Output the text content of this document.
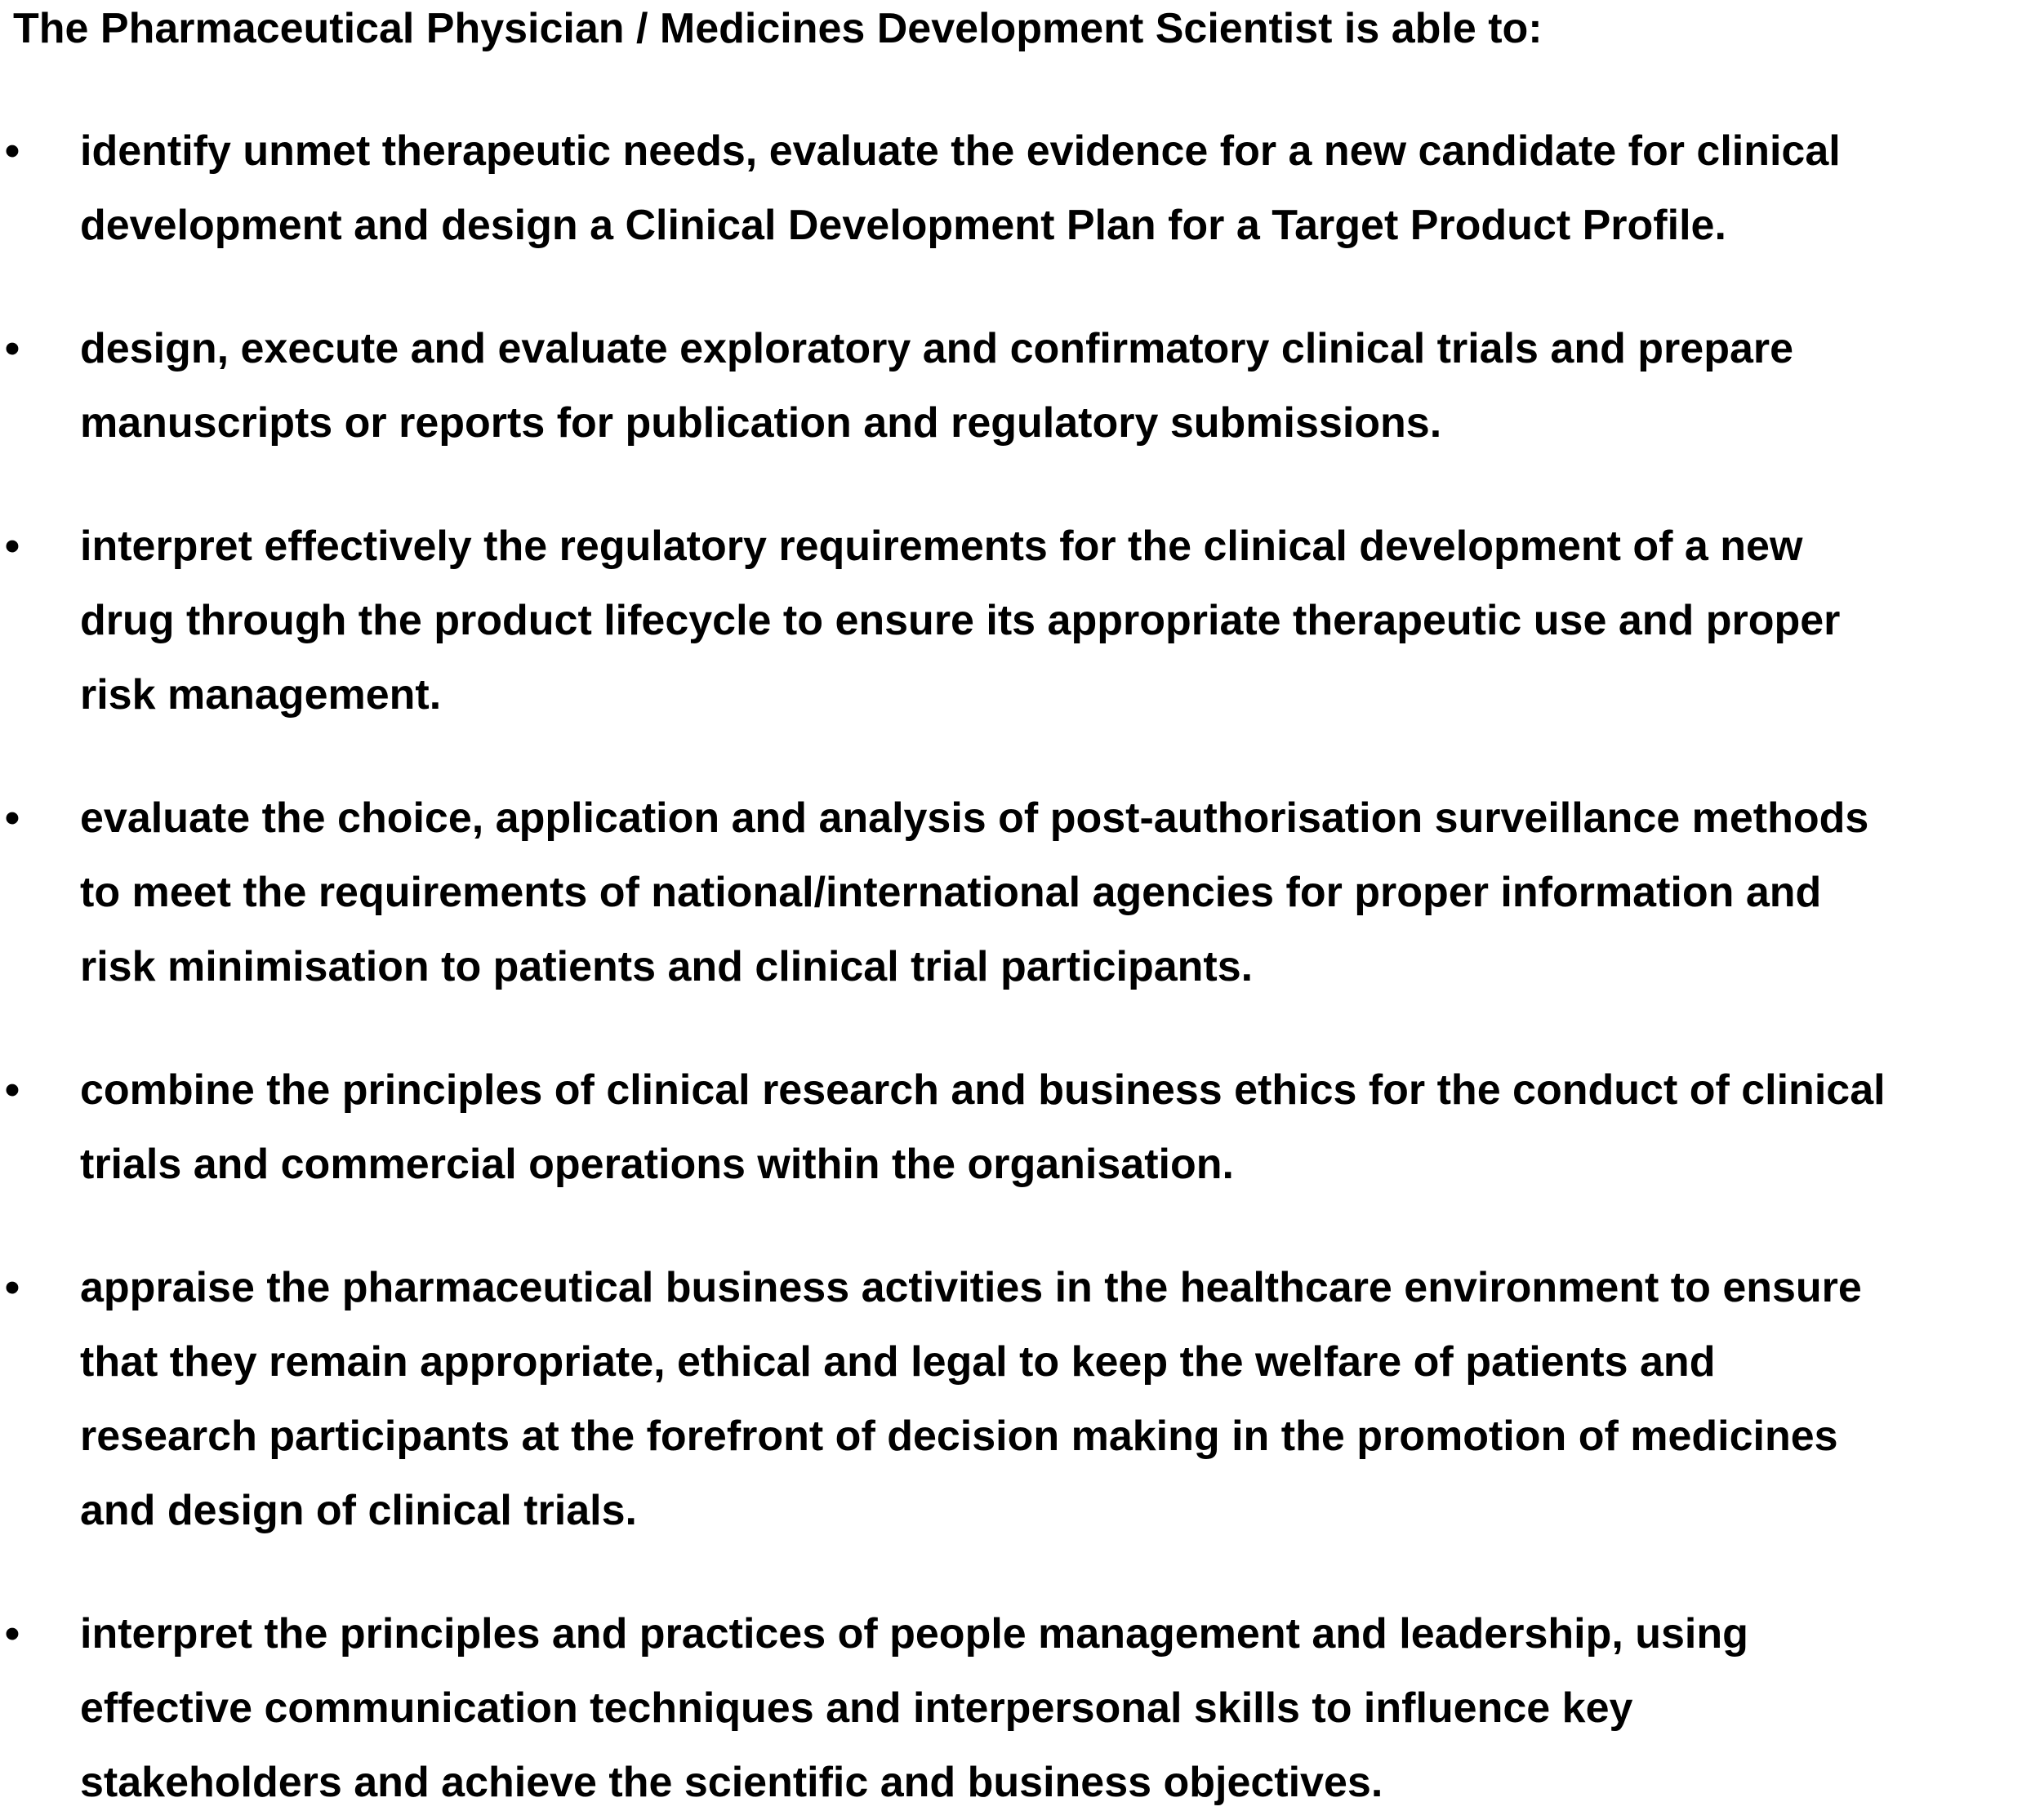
The Pharmaceutical Physician / Medicines Development Scientist is able to:
• identify unmet therapeutic needs, evaluate the evidence for a new candidate for clinical
development and design a Clinical Development Plan for a Target Product Profile.
• design, execute and evaluate exploratory and confirmatory clinical trials and prepare
manuscripts or reports for publication and regulatory submissions.
• interpret effectively the regulatory requirements for the clinical development of a new
drug through the product lifecycle to ensure its appropriate therapeutic use and proper
risk management.
• evaluate the choice, application and analysis of post-authorisation surveillance methods
to meet the requirements of national/international agencies for proper information and
risk minimisation to patients and clinical trial participants.
• combine the principles of clinical research and business ethics for the conduct of clinical
trials and commercial operations within the organisation.
• appraise the pharmaceutical business activities in the healthcare environment to ensure
that they remain appropriate, ethical and legal to keep the welfare of patients and
research participants at the forefront of decision making in the promotion of medicines
and design of clinical trials.
• interpret the principles and practices of people management and leadership, using
effective communication techniques and interpersonal skills to influence key
stakeholders and achieve the scientific and business objectives.
